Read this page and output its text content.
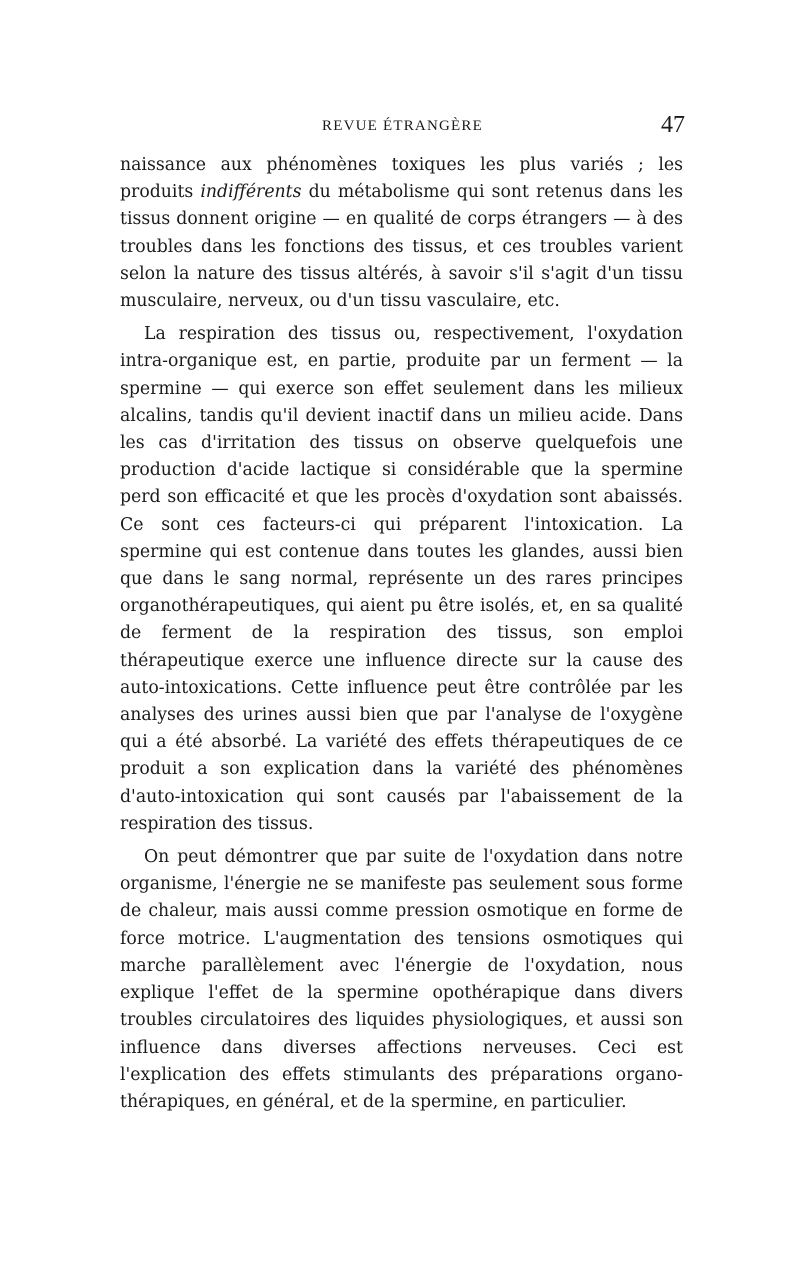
REVUE ÉTRANGÈRE	47

naissance aux phénomènes toxiques les plus variés ; les produits indifférents du métabolisme qui sont retenus dans les tissus donnent origine — en qualité de corps étrangers — à des troubles dans les fonctions des tissus, et ces troubles varient selon la nature des tissus altérés, à savoir s'il s'agit d'un tissu musculaire, nerveux, ou d'un tissu vasculaire, etc.

La respiration des tissus ou, respectivement, l'oxydation intra-organique est, en partie, produite par un ferment — la spermine — qui exerce son effet seulement dans les milieux alcalins, tandis qu'il devient inactif dans un milieu acide. Dans les cas d'irritation des tissus on observe quelquefois une production d'acide lactique si considérable que la spermine perd son efficacité et que les procès d'oxydation sont abaissés. Ce sont ces facteurs-ci qui préparent l'intoxication. La spermine qui est contenue dans toutes les glandes, aussi bien que dans le sang normal, représente un des rares principes organothérapeutiques, qui aient pu être isolés, et, en sa qualité de ferment de la respiration des tissus, son emploi thérapeutique exerce une influence directe sur la cause des auto-intoxications. Cette influence peut être contrôlée par les analyses des urines aussi bien que par l'analyse de l'oxygène qui a été absorbé. La variété des effets thérapeutiques de ce produit a son explication dans la variété des phénomènes d'auto-intoxication qui sont causés par l'abaissement de la respiration des tissus.

On peut démontrer que par suite de l'oxydation dans notre organisme, l'énergie ne se manifeste pas seulement sous forme de chaleur, mais aussi comme pression osmotique en forme de force motrice. L'augmentation des tensions osmotiques qui marche parallèlement avec l'énergie de l'oxydation, nous explique l'effet de la spermine opothérapique dans divers troubles circulatoires des liquides physiologiques, et aussi son influence dans diverses affections nerveuses. Ceci est l'explication des effets stimulants des préparations organo-thérapiques, en général, et de la spermine, en particulier.
